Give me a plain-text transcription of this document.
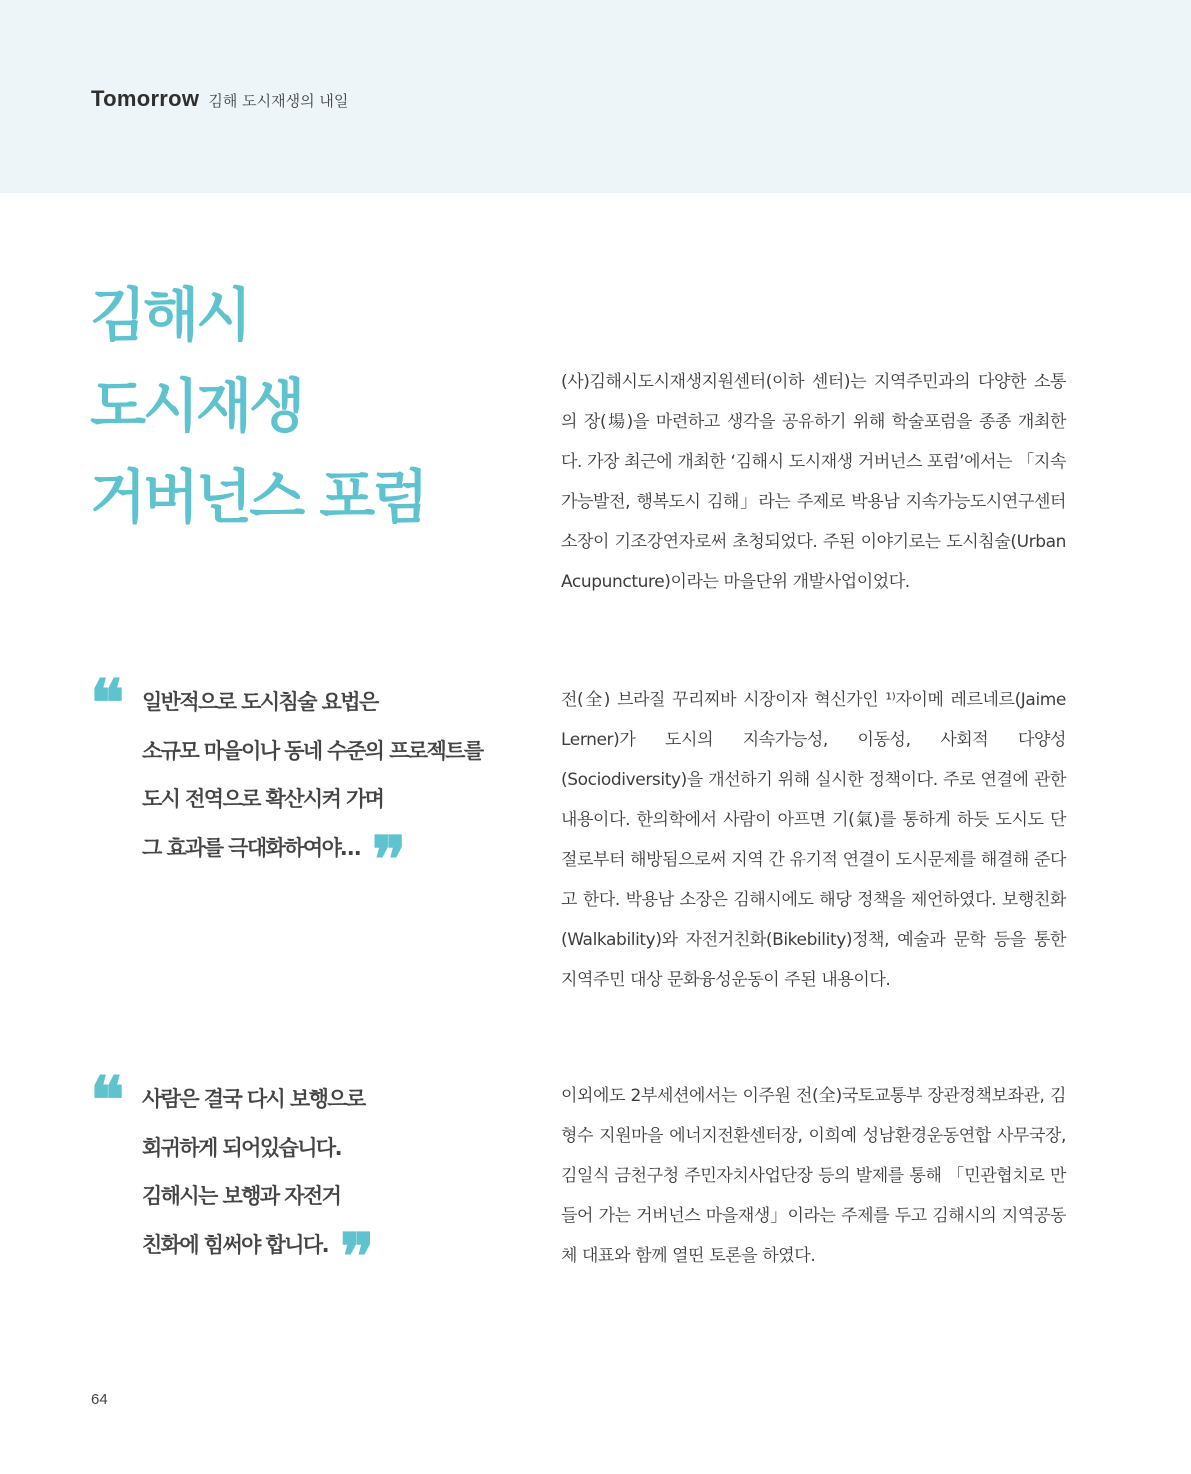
Tomorrow 김해 도시재생의 내일
김해시
도시재생
거버넌스 포럼
❝ 일반적으로 도시침술 요법은
소규모 마을이나 동네 수준의 프로젝트를
도시 전역으로 확산시켜 가며
그 효과를 극대화하여야… ❞
❝ 사람은 결국 다시 보행으로
회귀하게 되어있습니다.
김해시는 보행과 자전거
친화에 힘써야 합니다. ❞

(사)김해시도시재생지원센터(이하 센터)는 지역주민과의 다양한 소통의 장(場)을 마련하고 생각을 공유하기 위해 학술포럼을 종종 개최한다. 가장 최근에 개최한 ‘김해시 도시재생 거버넌스 포럼’에서는 「지속가능발전, 행복도시 김해」라는 주제로 박용남 지속가능도시연구센터 소장이 기조강연자로써 초청되었다. 주된 이야기로는 도시침술(Urban Acupuncture)이라는 마을단위 개발사업이었다.

전(全) 브라질 꾸리찌바 시장이자 혁신가인 ¹⁾자이메 레르네르(Jaime Lerner)가 도시의 지속가능성, 이동성, 사회적 다양성(Sociodiversity)을 개선하기 위해 실시한 정책이다. 주로 연결에 관한 내용이다. 한의학에서 사람이 아프면 기(氣)를 통하게 하듯 도시도 단절로부터 해방됨으로써 지역 간 유기적 연결이 도시문제를 해결해 준다고 한다. 박용남 소장은 김해시에도 해당 정책을 제언하였다. 보행친화(Walkability)와 자전거친화(Bikebility)정책, 예술과 문학 등을 통한 지역주민 대상 문화융성운동이 주된 내용이다.

이외에도 2부세션에서는 이주원 전(全)국토교통부 장관정책보좌관, 김형수 지원마을 에너지전환센터장, 이희예 성남환경운동연합 사무국장, 김일식 금천구청 주민자치사업단장 등의 발제를 통해 「민관협치로 만들어 가는 거버넌스 마을재생」이라는 주제를 두고 김해시의 지역공동체 대표와 함께 열띤 토론을 하였다.

64
